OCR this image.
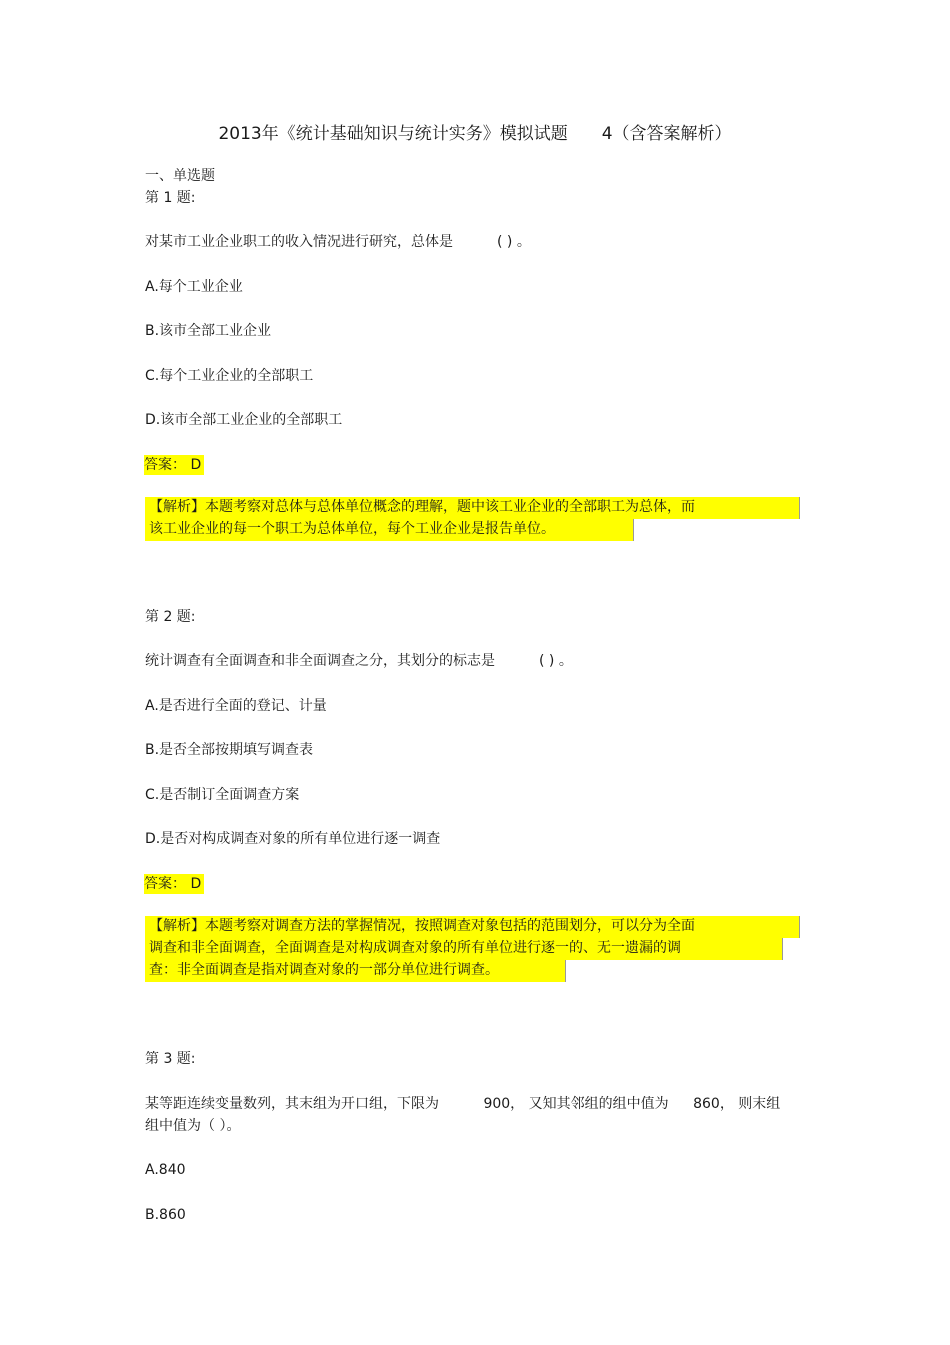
2013年《统计基础知识与统计实务》模拟试题 4（含答案解析）
一、单选题
第 1 题:
对某市工业企业职工的收入情况进行研究，总体是	( ) 。
A.每个工业企业
B.该市全部工业企业
C.每个工业企业的全部职工
D.该市全部工业企业的全部职工
答案： D
【解析】本题考察对总体与总体单位概念的理解，题中该工业企业的全部职工为总体，而
该工业企业的每一个职工为总体单位，每个工业企业是报告单位。
第 2 题:
统计调查有全面调查和非全面调查之分，其划分的标志是	( ) 。
A.是否进行全面的登记、计量
B.是否全部按期填写调查表
C.是否制订全面调查方案
D.是否对构成调查对象的所有单位进行逐一调查
答案： D
【解析】本题考察对调查方法的掌握情况，按照调查对象包括的范围划分，可以分为全面
调查和非全面调查，全面调查是对构成调查对象的所有单位进行逐一的、无一遗漏的调
查：非全面调查是指对调查对象的一部分单位进行调查。
第 3 题:
某等距连续变量数列，其末组为开口组，下限为	900， 又知其邻组的组中值为 860， 则末组
组中值为（ ）。
A.840
B.860
